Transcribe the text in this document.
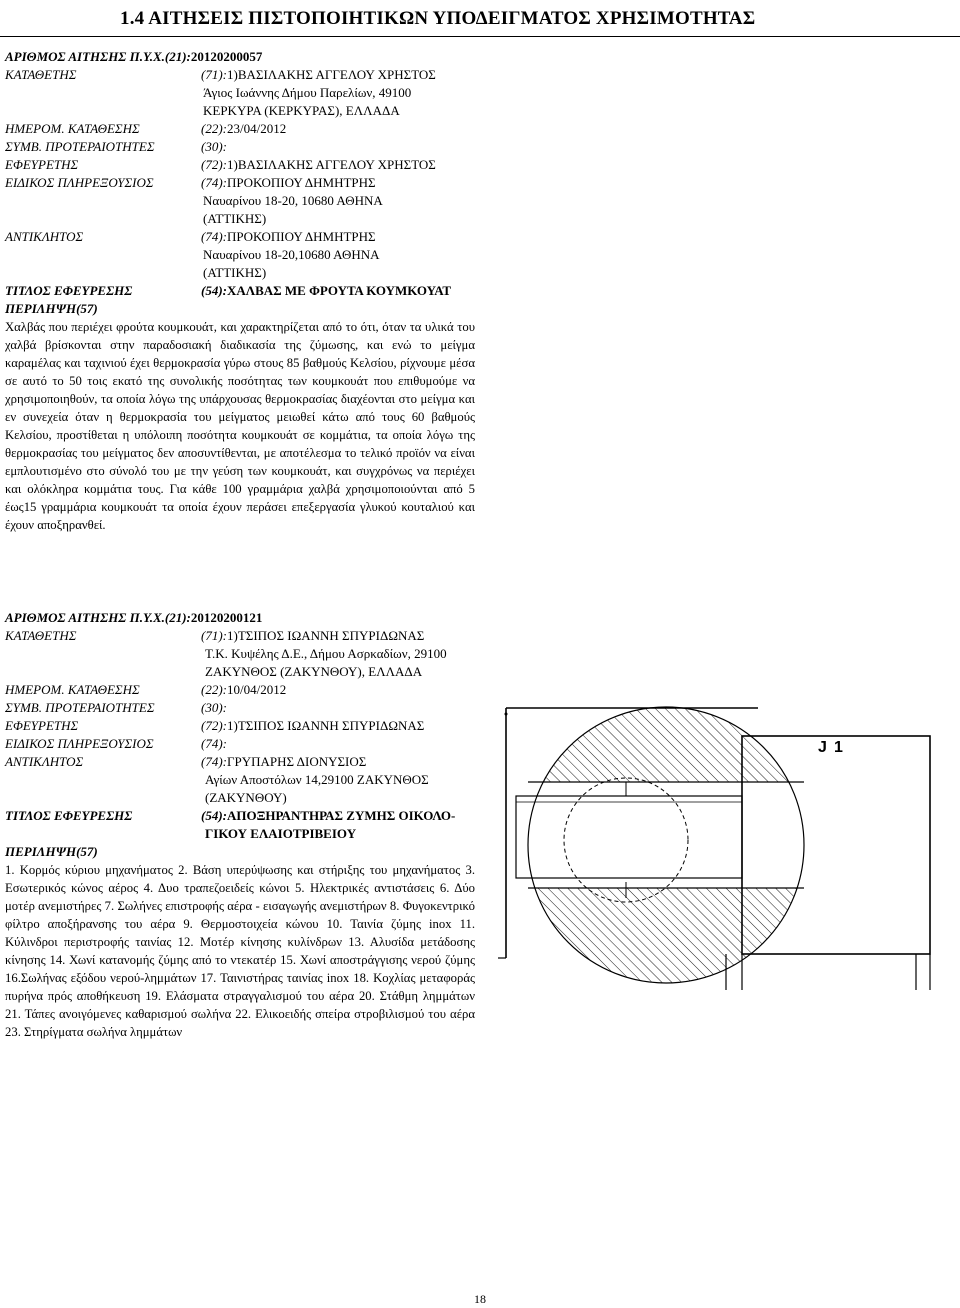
1.4 ΑΙΤΗΣΕΙΣ ΠΙΣΤΟΠΟΙΗΤΙΚΩΝ ΥΠΟΔΕΙΓΜΑΤΟΣ ΧΡΗΣΙΜΟΤΗΤΑΣ
ΑΡΙΘΜΟΣ ΑΙΤΗΣΗΣ Π.Υ.Χ.(21):20120200057
ΚΑΤΑΘΕΤΗΣ	(71):1)ΒΑΣΙΛΑΚΗΣ ΑΓΓΕΛΟΥ ΧΡΗΣΤΟΣ
Άγιος Ιωάννης Δήμου Παρελίων, 49100
ΚΕΡΚΥΡΑ (ΚΕΡΚΥΡΑΣ), ΕΛΛΑΔΑ
ΗΜΕΡΟΜ. ΚΑΤΑΘΕΣΗΣ	(22):23/04/2012
ΣΥΜΒ. ΠΡΟΤΕΡΑΙΟΤΗΤΕΣ	(30):
ΕΦΕΥΡΕΤΗΣ	(72):1)ΒΑΣΙΛΑΚΗΣ ΑΓΓΕΛΟΥ ΧΡΗΣΤΟΣ
ΕΙΔΙΚΟΣ ΠΛΗΡΕΞΟΥΣΙΟΣ	(74):ΠΡΟΚΟΠΙΟΥ ΔΗΜΗΤΡΗΣ
Ναυαρίνου 18-20, 10680 ΑΘΗΝΑ
(ΑΤΤΙΚΗΣ)
ΑΝΤΙΚΛΗΤΟΣ	(74):ΠΡΟΚΟΠΙΟΥ ΔΗΜΗΤΡΗΣ
Ναυαρίνου 18-20,10680 ΑΘΗΝΑ
(ΑΤΤΙΚΗΣ)
ΤΙΤΛΟΣ ΕΦΕΥΡΕΣΗΣ	(54):ΧΑΛΒΑΣ ΜΕ ΦΡΟΥΤΑ ΚΟΥΜΚΟΥΑΤ
ΠΕΡΙΛΗΨΗ(57)

Χαλβάς που περιέχει φρούτα κουμκουάτ, και χαρακτηρίζεται από το ότι, όταν τα υλικά του χαλβά βρίσκονται στην παραδοσιακή διαδικασία της ζύμωσης, και ενώ το μείγμα καραμέλας και ταχινιού έχει θερμοκρασία γύρω στους 85 βαθμούς Κελσίου, ρίχνουμε μέσα σε αυτό το 50 τοις εκατό της συνολικής ποσότητας των κουμκουάτ που επιθυμούμε να χρησιμοποιηθούν, τα οποία λόγω της υπάρχουσας θερμοκρασίας διαχέονται στο μείγμα και εν συνεχεία όταν η θερμοκρασία του μείγματος μειωθεί κάτω από τους 60 βαθμούς Κελσίου, προστίθεται η υπόλοιπη ποσότητα κουμκουάτ σε κομμάτια, τα οποία λόγω της θερμοκρασίας του μείγματος δεν αποσυντίθενται, με αποτέλεσμα το τελικό προϊόν να είναι εμπλουτισμένο στο σύνολό του με την γεύση των κουμκουάτ, και συγχρόνως να περιέχει και ολόκληρα κομμάτια τους. Για κάθε 100 γραμμάρια χαλβά χρησιμοποιούνται από 5 έως15 γραμμάρια κουμκουάτ τα οποία έχουν περάσει επεξεργασία γλυκού κουταλιού και έχουν αποξηρανθεί.

ΑΡΙΘΜΟΣ ΑΙΤΗΣΗΣ Π.Υ.Χ.(21):20120200121
ΚΑΤΑΘΕΤΗΣ	(71):1)ΤΣΙΠΟΣ ΙΩΑΝΝΗ ΣΠΥΡΙΔΩΝΑΣ
Τ.Κ. Κυψέλης Δ.Ε., Δήμου Ασρκαδίων, 29100
ΖΑΚΥΝΘΟΣ (ΖΑΚΥΝΘΟΥ), ΕΛΛΑΔΑ
ΗΜΕΡΟΜ. ΚΑΤΑΘΕΣΗΣ	(22):10/04/2012
ΣΥΜΒ. ΠΡΟΤΕΡΑΙΟΤΗΤΕΣ	(30):
ΕΦΕΥΡΕΤΗΣ	(72):1)ΤΣΙΠΟΣ ΙΩΑΝΝΗ ΣΠΥΡΙΔΩΝΑΣ
ΕΙΔΙΚΟΣ ΠΛΗΡΕΞΟΥΣΙΟΣ	(74):
ΑΝΤΙΚΛΗΤΟΣ	(74):ΓΡΥΠΑΡΗΣ ΔΙΟΝΥΣΙΟΣ
Αγίων Αποστόλων 14,29100 ΖΑΚΥΝΘΟΣ
(ΖΑΚΥΝΘΟΥ)
ΤΙΤΛΟΣ ΕΦΕΥΡΕΣΗΣ	(54):ΑΠΟΞΗΡΑΝΤΗΡΑΣ ΖΥΜΗΣ ΟΙΚΟΛΟ-
ΓΙΚΟΥ ΕΛΑΙΟΤΡΙΒΕΙΟΥ
ΠΕΡΙΛΗΨΗ(57)

1. Κορμός κύριου μηχανήματος 2. Βάση υπερύψωσης και στήριξης του μηχανήματος 3. Εσωτερικός κώνος αέρος 4. Δυο τραπεζοειδείς κώνοι 5. Ηλεκτρικές αντιστάσεις 6. Δύο μοτέρ ανεμιστήρες 7. Σωλήνες επιστροφής αέρα - εισαγωγής ανεμιστήρων 8. Φυγοκεντρικό φίλτρο αποξήρανσης του αέρα 9. Θερμοστοιχεία κώνου 10. Ταινία ζύμης inox 11. Κύλινδροι περιστροφής ταινίας 12. Μοτέρ κίνησης κυλίνδρων 13. Αλυσίδα μετάδοσης κίνησης 14. Χωνί κατανομής ζύμης από το ντεκατέρ 15. Χωνί αποστράγγισης νερού ζύμης 16.Σωλήνας εξόδου νερού-λημμάτων 17. Ταινιστήρας ταινίας inox 18. Κοχλίας μεταφοράς πυρήνα πρός αποθήκευση 19. Ελάσματα στραγγαλισμού του αέρα 20. Στάθμη λημμάτων 21. Τάπες ανοιγόμενες καθαρισμού σωλήνα 22. Ελικοειδής σπείρα στροβιλισμού του αέρα 23. Στηρίγματα σωλήνα λημμάτων

J 1
18
